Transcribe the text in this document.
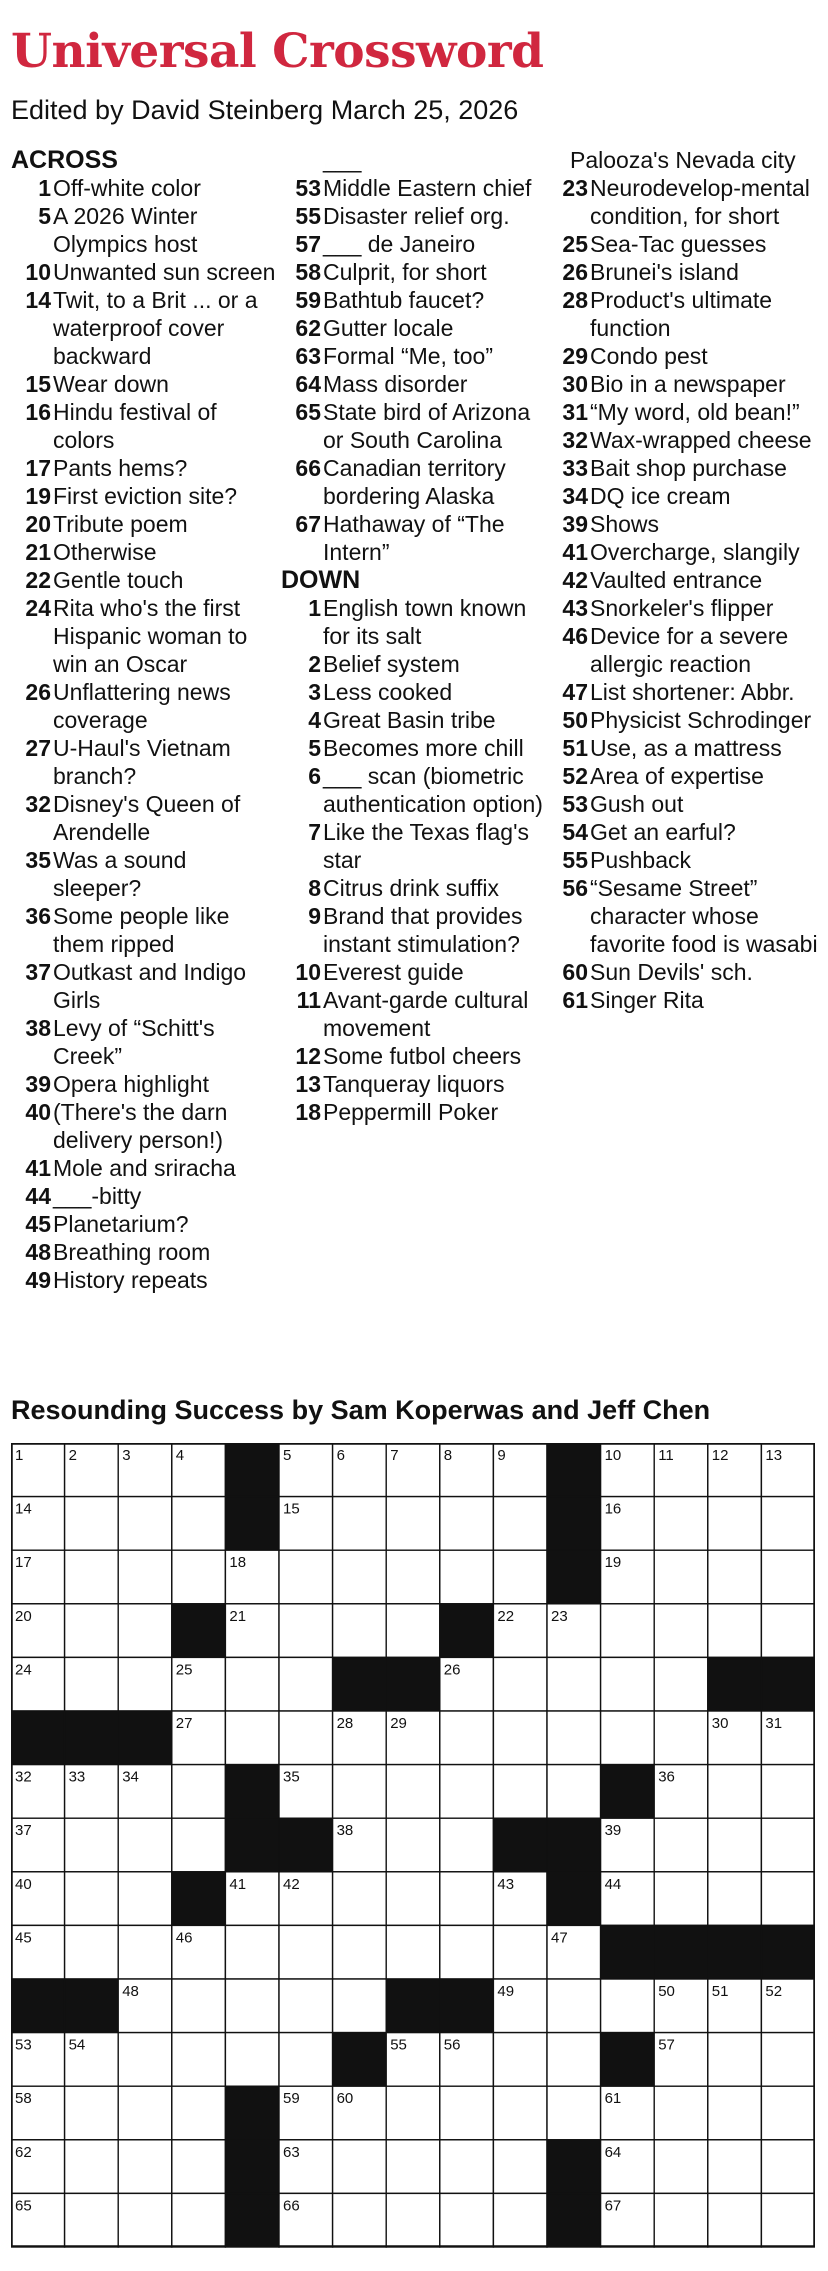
Universal Crossword
Edited by David Steinberg March 25, 2026
ACROSS
1 Off-white color
5 A 2026 Winter Olympics host
10 Unwanted sun screen
14 Twit, to a Brit ... or a waterproof cover backward
15 Wear down
16 Hindu festival of colors
17 Pants hems?
19 First eviction site?
20 Tribute poem
21 Otherwise
22 Gentle touch
24 Rita who's the first Hispanic woman to win an Oscar
26 Unflattering news coverage
27 U-Haul's Vietnam branch?
32 Disney's Queen of Arendelle
35 Was a sound sleeper?
36 Some people like them ripped
37 Outkast and Indigo Girls
38 Levy of “Schitt's Creek”
39 Opera highlight
40 (There's the darn delivery person!)
41 Mole and sriracha
44 ___-bitty
45 Planetarium?
48 Breathing room
49 History repeats
___
53 Middle Eastern chief
55 Disaster relief org.
57 ___ de Janeiro
58 Culprit, for short
59 Bathtub faucet?
62 Gutter locale
63 Formal “Me, too”
64 Mass disorder
65 State bird of Arizona or South Carolina
66 Canadian territory bordering Alaska
67 Hathaway of “The Intern”
DOWN
1 English town known for its salt
2 Belief system
3 Less cooked
4 Great Basin tribe
5 Becomes more chill
6 ___ scan (biometric authentication option)
7 Like the Texas flag's star
8 Citrus drink suffix
9 Brand that provides instant stimulation?
10 Everest guide
11 Avant-garde cultural movement
12 Some futbol cheers
13 Tanqueray liquors
18 Peppermill Poker
Palooza's Nevada city
23 Neurodevelop-mental condition, for short
25 Sea-Tac guesses
26 Brunei's island
28 Product's ultimate function
29 Condo pest
30 Bio in a newspaper
31 “My word, old bean!”
32 Wax-wrapped cheese
33 Bait shop purchase
34 DQ ice cream
39 Shows
41 Overcharge, slangily
42 Vaulted entrance
43 Snorkeler's flipper
46 Device for a severe allergic reaction
47 List shortener: Abbr.
50 Physicist Schrodinger
51 Use, as a mattress
52 Area of expertise
53 Gush out
54 Get an earful?
55 Pushback
56 “Sesame Street” character whose favorite food is wasabi
60 Sun Devils' sch.
61 Singer Rita
Resounding Success by Sam Koperwas and Jeff Chen
1	2	3	4	5	6	7	8	9	10 11	12 13
14	15	16
17	18	19
20	21	22 23
24	25	26
27	28 29	30 31
32 33 34	35	36
37	38	39
40	41 42	43	44
45	46	47
48	49	50 51 52
53 54	55 56	57
58	59 60	61
62	63	64
65	66	67
